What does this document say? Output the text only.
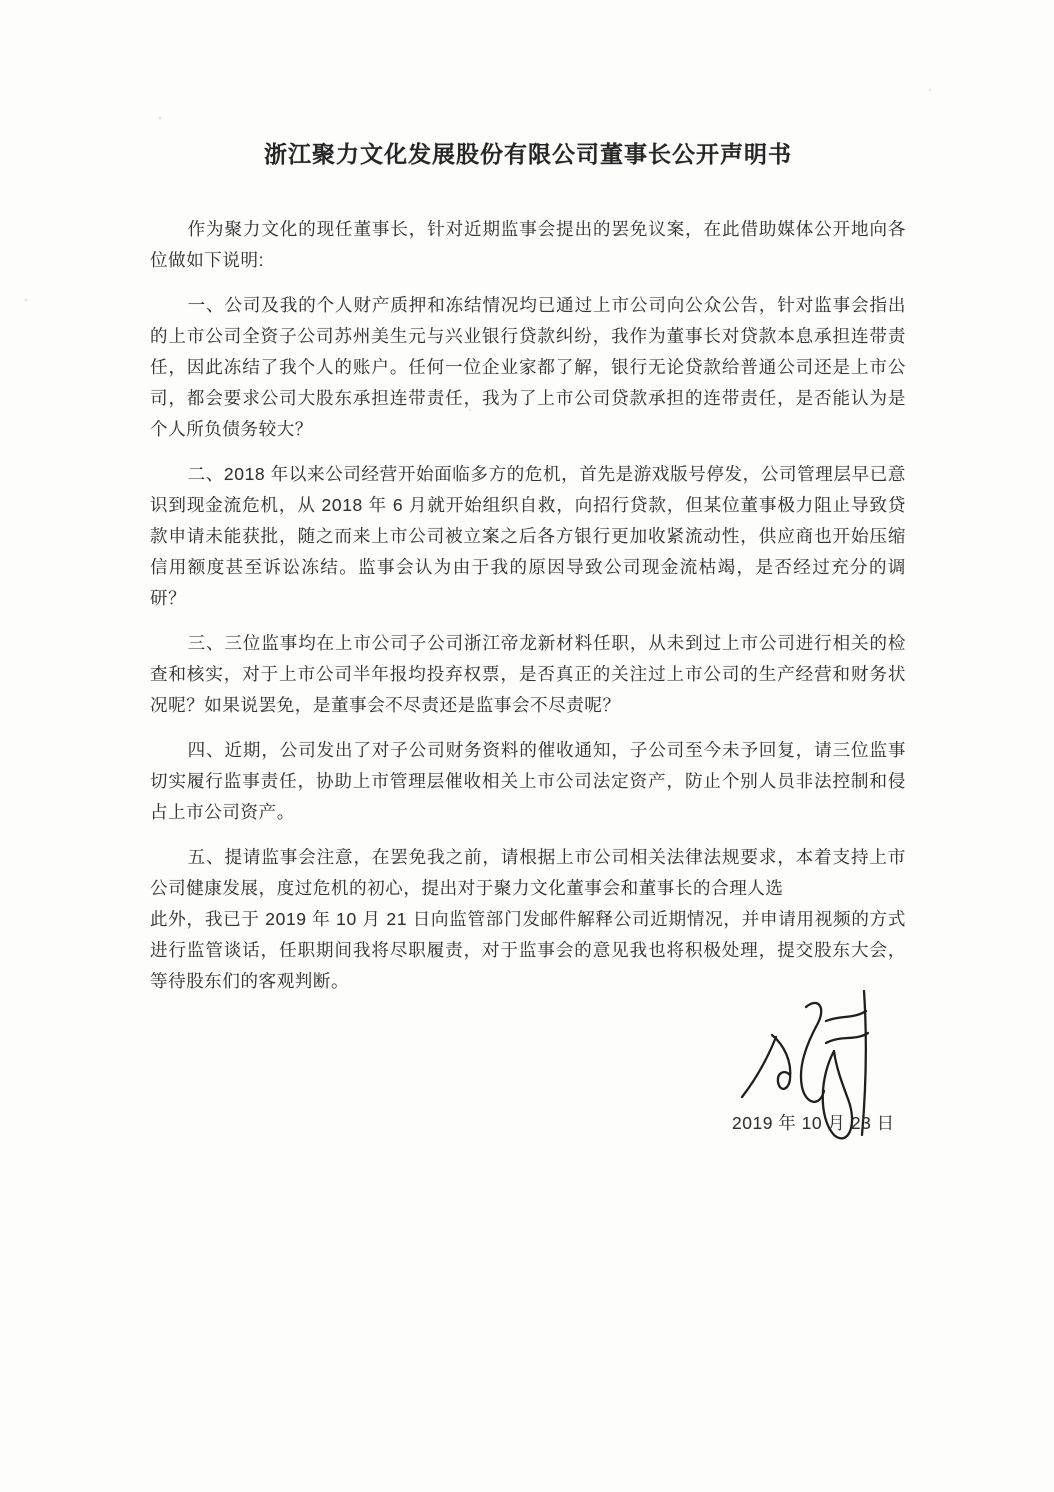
浙江聚力文化发展股份有限公司董事长公开声明书

作为聚力文化的现任董事长，针对近期监事会提出的罢免议案，在此借助媒体公开地向各位做如下说明:

一、公司及我的个人财产质押和冻结情况均已通过上市公司向公众公告，针对监事会指出的上市公司全资子公司苏州美生元与兴业银行贷款纠纷，我作为董事长对贷款本息承担连带责任，因此冻结了我个人的账户。任何一位企业家都了解，银行无论贷款给普通公司还是上市公司，都会要求公司大股东承担连带责任，我为了上市公司贷款承担的连带责任，是否能认为是个人所负债务较大？

二、2018 年以来公司经营开始面临多方的危机，首先是游戏版号停发，公司管理层早已意识到现金流危机，从 2018 年 6 月就开始组织自救，向招行贷款，但某位董事极力阻止导致贷款申请未能获批，随之而来上市公司被立案之后各方银行更加收紧流动性，供应商也开始压缩信用额度甚至诉讼冻结。监事会认为由于我的原因导致公司现金流枯竭，是否经过充分的调研？

三、三位监事均在上市公司子公司浙江帝龙新材料任职，从未到过上市公司进行相关的检查和核实，对于上市公司半年报均投弃权票，是否真正的关注过上市公司的生产经营和财务状况呢？如果说罢免，是董事会不尽责还是监事会不尽责呢？

四、近期，公司发出了对子公司财务资料的催收通知，子公司至今未予回复，请三位监事切实履行监事责任，协助上市管理层催收相关上市公司法定资产，防止个别人员非法控制和侵占上市公司资产。

五、提请监事会注意，在罢免我之前，请根据上市公司相关法律法规要求，本着支持上市公司健康发展，度过危机的初心，提出对于聚力文化董事会和董事长的合理人选

此外，我已于 2019 年 10 月 21 日向监管部门发邮件解释公司近期情况，并申请用视频的方式进行监管谈话，任职期间我将尽职履责，对于监事会的意见我也将积极处理，提交股东大会，等待股东们的客观判断。

2019 年 10 月 23 日
